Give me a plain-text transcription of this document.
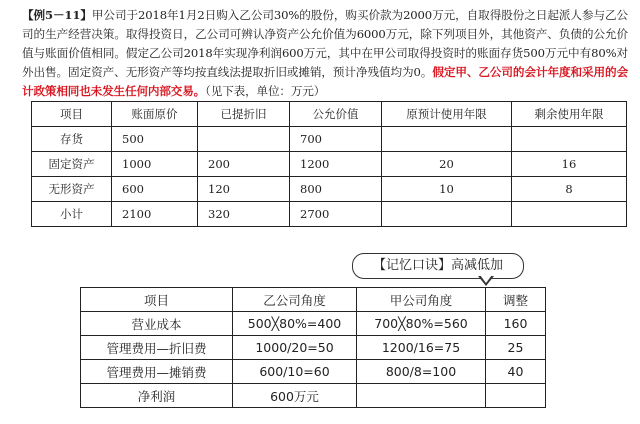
【例5－11】甲公司于2018年1月2日购入乙公司30%的股份，购买价款为2000万元，自取得股份之日起派人参与乙公司的生产经营决策。取得投资日，乙公司可辨认净资产公允价值为6000万元，除下列项目外，其他资产、负债的公允价值与账面价值相同。假定乙公司2018年实现净利润600万元，其中在甲公司取得投资时的账面存货500万元中有80%对外出售。固定资产、无形资产等均按直线法提取折旧或摊销，预计净残值均为0。假定甲、乙公司的会计年度和采用的会计政策相同也未发生任何内部交易。（见下表，单位：万元）
项目	账面原价	已提折旧	公允价值	原预计使用年限	剩余使用年限
存货	500		700		
固定资产	1000	200	1200	20	16
无形资产	600	120	800	10	8
小计	2100	320	2700		
【记忆口诀】高减低加
项目	乙公司角度	甲公司角度	调整
营业成本	500╳80%=400	700╳80%=560	160
管理费用—折旧费	1000/20=50	1200/16=75	25
管理费用—摊销费	600/10=60	800/8=100	40
净利润	600万元		
